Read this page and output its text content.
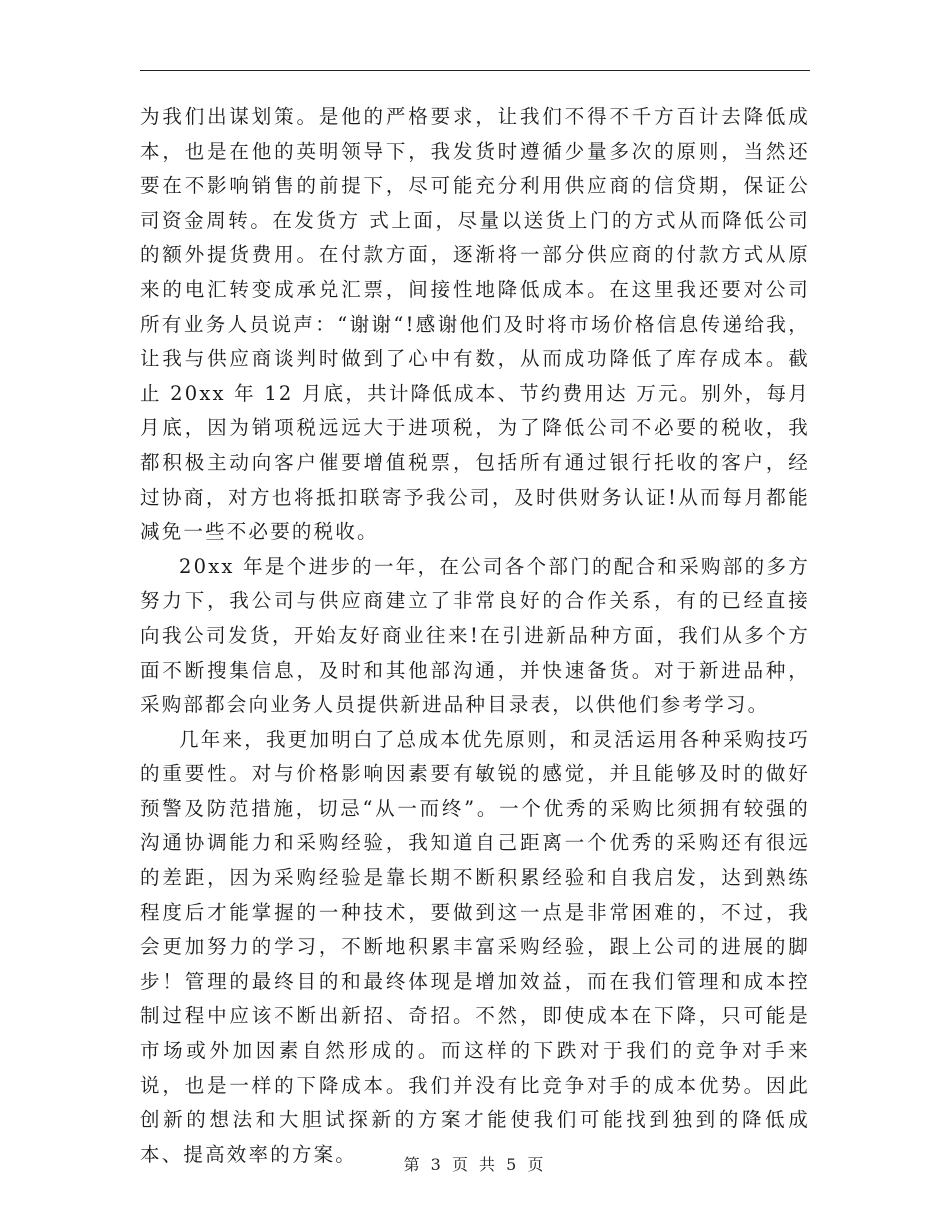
为我们出谋划策。是他的严格要求，让我们不得不千方百计去降低成本，也是在他的英明领导下，我发货时遵循少量多次的原则，当然还要在不影响销售的前提下，尽可能充分利用供应商的信贷期，保证公司资金周转。在发货方 式上面，尽量以送货上门的方式从而降低公司的额外提货费用。在付款方面，逐渐将一部分供应商的付款方式从原来的电汇转变成承兑汇票，间接性地降低成本。在这里我还要对公司所有业务人员说声：“谢谢“!感谢他们及时将市场价格信息传递给我，让我与供应商谈判时做到了心中有数，从而成功降低了库存成本。截止 20xx 年 12 月底，共计降低成本、节约费用达 万元。别外，每月月底，因为销项税远远大于进项税，为了降低公司不必要的税收，我都积极主动向客户催要增值税票，包括所有通过银行托收的客户，经过协商，对方也将抵扣联寄予我公司，及时供财务认证!从而每月都能减免一些不必要的税收。

20xx 年是个进步的一年，在公司各个部门的配合和采购部的多方努力下，我公司与供应商建立了非常良好的合作关系，有的已经直接向我公司发货，开始友好商业往来!在引进新品种方面，我们从多个方面不断搜集信息，及时和其他部沟通，并快速备货。对于新进品种，采购部都会向业务人员提供新进品种目录表，以供他们参考学习。

几年来，我更加明白了总成本优先原则，和灵活运用各种采购技巧的重要性。对与价格影响因素要有敏锐的感觉，并且能够及时的做好预警及防范措施，切忌“从一而终”。一个优秀的采购比须拥有较强的沟通协调能力和采购经验，我知道自己距离一个优秀的采购还有很远的差距，因为采购经验是靠长期不断积累经验和自我启发，达到熟练程度后才能掌握的一种技术，要做到这一点是非常困难的，不过，我会更加努力的学习，不断地积累丰富采购经验，跟上公司的进展的脚步！管理的最终目的和最终体现是增加效益，而在我们管理和成本控制过程中应该不断出新招、奇招。不然，即使成本在下降，只可能是市场或外加因素自然形成的。而这样的下跌对于我们的竞争对手来说，也是一样的下降成本。我们并没有比竞争对手的成本优势。因此创新的想法和大胆试探新的方案才能使我们可能找到独到的降低成本、提高效率的方案。	第 3 页 共 5 页
